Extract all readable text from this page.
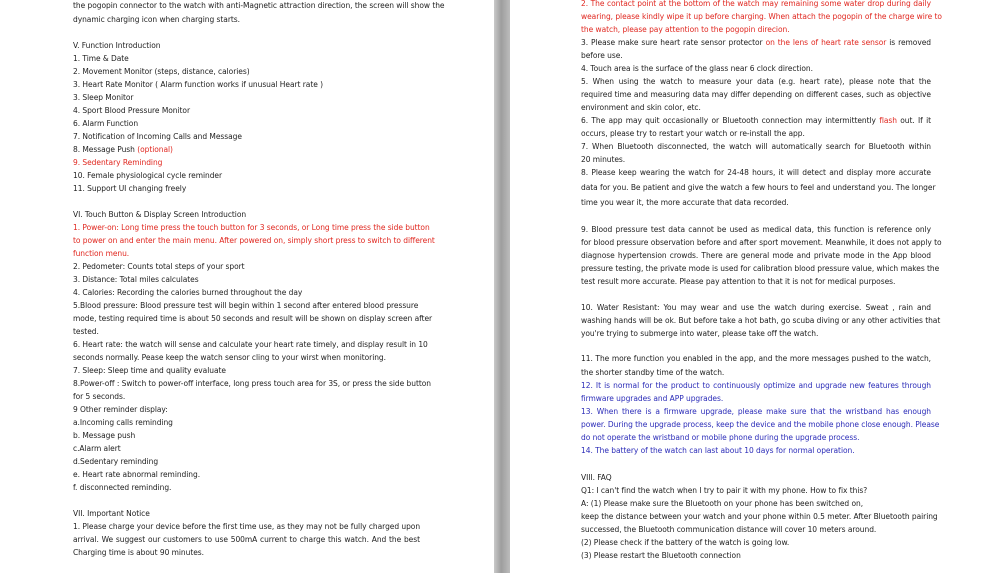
the pogopin connector to the watch with anti-Magnetic attraction direction, the screen will show the
dynamic charging icon when charging starts.
V. Function Introduction
1. Time & Date
2. Movement Monitor (steps, distance, calories)
3. Heart Rate Monitor ( Alarm function works if unusual Heart rate )
3. Sleep Monitor
4. Sport Blood Pressure Monitor
6. Alarm Function
7. Notification of Incoming Calls and Message
8. Message Push (optional)
9. Sedentary Reminding
10. Female physiological cycle reminder
11. Support UI changing freely
VI. Touch Button & Display Screen Introduction
1. Power-on: Long time press the touch button for 3 seconds, or Long time press the side button
to power on and enter the main menu. After powered on, simply short press to switch to different
function menu.
2. Pedometer: Counts total steps of your sport
3. Distance: Total miles calculates
4. Calories: Recording the calories burned throughout the day
5.Blood pressure: Blood pressure test will begin within 1 second after entered blood pressure
mode, testing required time is about 50 seconds and result will be shown on display screen after
tested.
6. Heart rate: the watch will sense and calculate your heart rate timely, and display result in 10
seconds normally. Pease keep the watch sensor cling to your wirst when monitoring.
7. Sleep: Sleep time and quality evaluate
8.Power-off : Switch to power-off interface, long press touch area for 3S, or press the side button
for 5 seconds.
9 Other reminder display:
a.Incoming calls reminding
b. Message push
c.Alarm alert
d.Sedentary reminding
e. Heart rate abnormal reminding.
f. disconnected reminding.
VII. Important Notice
1. Please charge your device before the first time use, as they may not be fully charged upon
arrival. We suggest our customers to use 500mA current to charge this watch. And the best
Charging time is about 90 minutes.
2. The contact point at the bottom of the watch may remaining some water drop during daily
wearing, please kindly wipe it up before charging. When attach the pogopin of the charge wire to
the watch, please pay attention to the pogopin direcion.
3. Please make sure heart rate sensor protector on the lens of heart rate sensor is removed
before use.
4. Touch area is the surface of the glass near 6 clock direction.
5. When using the watch to measure your data (e.g. heart rate), please note that the
required time and measuring data may differ depending on different cases, such as objective
environment and skin color, etc.
6. The app may quit occasionally or Bluetooth connection may intermittently flash out. If it
occurs, please try to restart your watch or re-install the app.
7. When Bluetooth disconnected, the watch will automatically search for Bluetooth within
20 minutes.
8. Please keep wearing the watch for 24-48 hours, it will detect and display more accurate
data for you. Be patient and give the watch a few hours to feel and understand you. The longer
time you wear it, the more accurate that data recorded.
9. Blood pressure test data cannot be used as medical data, this function is reference only
for blood pressure observation before and after sport movement. Meanwhile, it does not apply to
diagnose hypertension crowds. There are general mode and private mode in the App blood
pressure testing, the private mode is used for calibration blood pressure value, which makes the
test result more accurate. Please pay attention to that it is not for medical purposes.
10. Water Resistant: You may wear and use the watch during exercise. Sweat , rain and
washing hands will be ok. But before take a hot bath, go scuba diving or any other activities that
you're trying to submerge into water, please take off the watch.
11. The more function you enabled in the app, and the more messages pushed to the watch,
the shorter standby time of the watch.
12. It is normal for the product to continuously optimize and upgrade new features through
firmware upgrades and APP upgrades.
13. When there is a firmware upgrade, please make sure that the wristband has enough
power. During the upgrade process, keep the device and the mobile phone close enough. Please
do not operate the wristband or mobile phone during the upgrade process.
14. The battery of the watch can last about 10 days for normal operation.
VIII. FAQ
Q1: I can't find the watch when I try to pair it with my phone. How to fix this?
A: (1) Please make sure the Bluetooth on your phone has been switched on,
keep the distance between your watch and your phone within 0.5 meter. After Bluetooth pairing
successed, the Bluetooth communication distance will cover 10 meters around.
(2) Please check if the battery of the watch is going low.
(3) Please restart the Bluetooth connection
